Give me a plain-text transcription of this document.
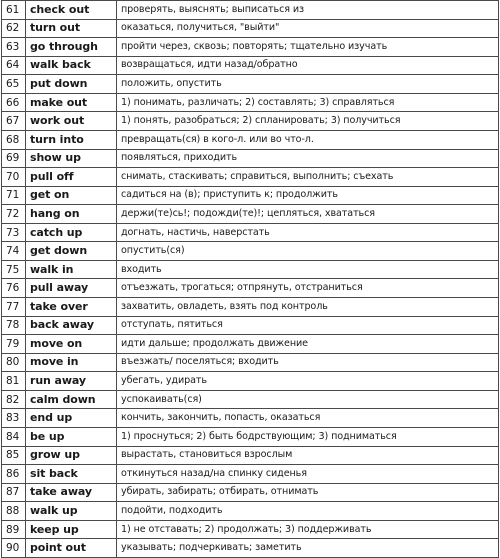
61	check out	проверять, выяснять; выписаться из
62	turn out	оказаться, получиться, "выйти"
63	go through	пройти через, сквозь; повторять; тщательно изучать
64	walk back	возвращаться, идти назад/обратно
65	put down	положить, опустить
66	make out	1) понимать, различать; 2) составлять; 3) справляться
67	work out	1) понять, разобраться; 2) спланировать; 3) получиться
68	turn into	превращать(ся) в кого-л. или во что-л.
69	show up	появляться, приходить
70	pull off	снимать, стаскивать; справиться, выполнить; съехать
71	get on	садиться на (в); приступить к; продолжить
72	hang on	держи(те)сь!; подожди(те)!; цепляться, хвататься
73	catch up	догнать, настичь, наверстать
74	get down	опустить(ся)
75	walk in	входить
76	pull away	отъезжать, трогаться; отпрянуть, отстраниться
77	take over	захватить, овладеть, взять под контроль
78	back away	отступать, пятиться
79	move on	идти дальше; продолжать движение
80	move in	въезжать/ поселяться; входить
81	run away	убегать, удирать
82	calm down	успокаивать(ся)
83	end up	кончить, закончить, попасть, оказаться
84	be up	1) проснуться; 2) быть бодрствующим; 3) подниматься
85	grow up	вырастать, становиться взрослым
86	sit back	откинуться назад/на спинку сиденья
87	take away	убирать, забирать; отбирать, отнимать
88	walk up	подойти, подходить
89	keep up	1) не отставать; 2) продолжать; 3) поддерживать
90	point out	указывать; подчеркивать; заметить
